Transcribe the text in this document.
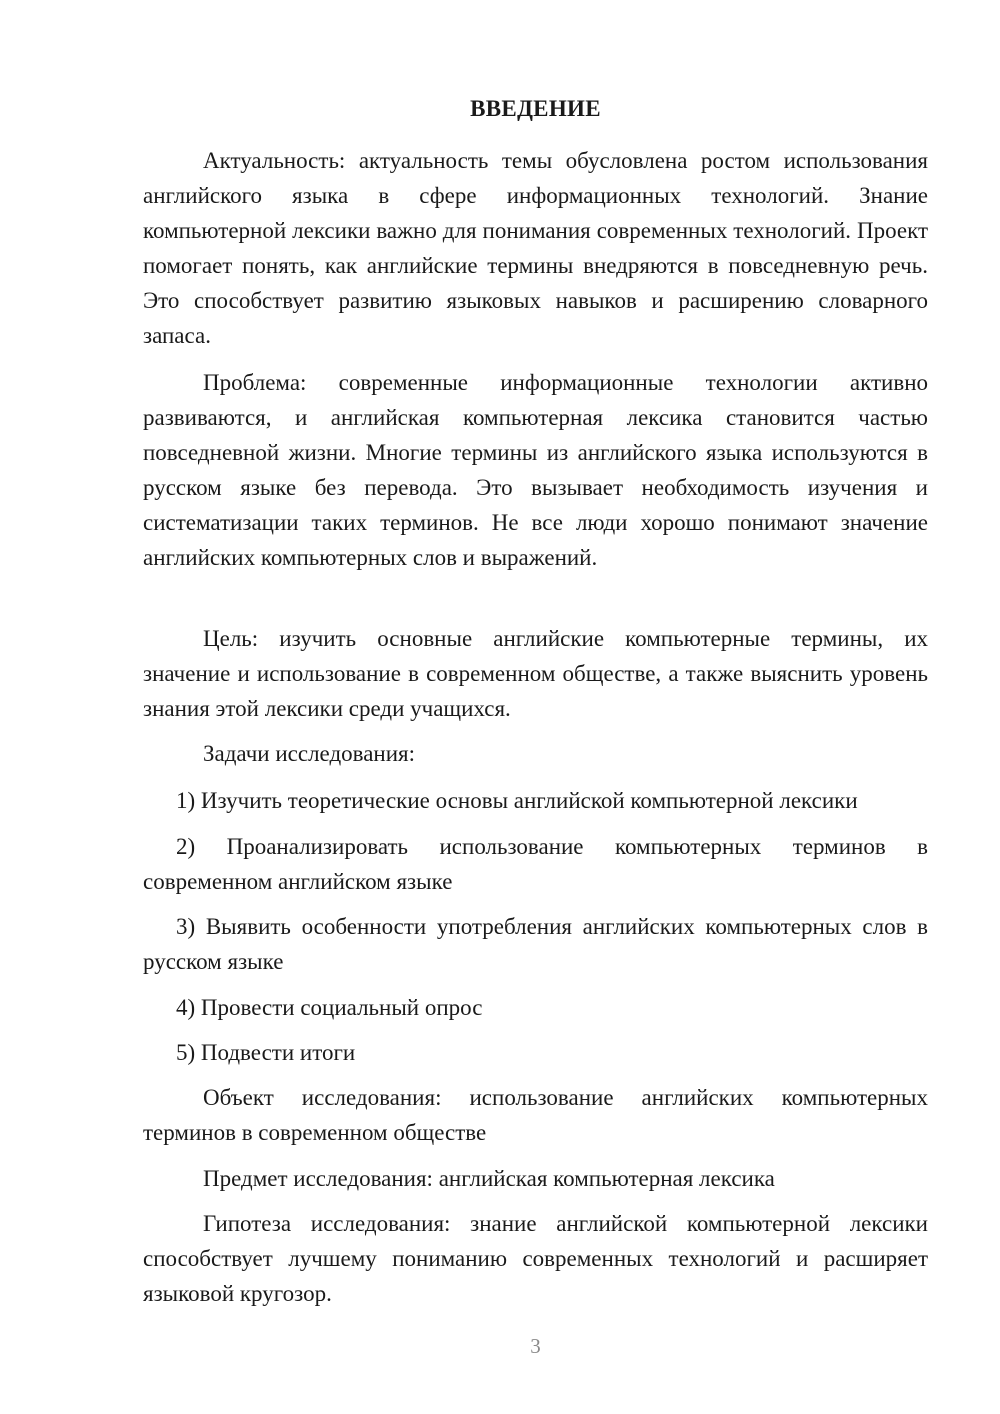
ВВЕДЕНИЕ

Актуальность: актуальность темы обусловлена ростом использования английского языка в сфере информационных технологий. Знание компьютерной лексики важно для понимания современных технологий. Проект помогает понять, как английские термины внедряются в повседневную речь. Это способствует развитию языковых навыков и расширению словарного запаса.

Проблема: современные информационные технологии активно развиваются, и английская компьютерная лексика становится частью повседневной жизни. Многие термины из английского языка используются в русском языке без перевода. Это вызывает необходимость изучения и систематизации таких терминов. Не все люди хорошо понимают значение английских компьютерных слов и выражений.

Цель: изучить основные английские компьютерные термины, их значение и использование в современном обществе, а также выяснить уровень знания этой лексики среди учащихся.

Задачи исследования:

1) Изучить теоретические основы английской компьютерной лексики

2) Проанализировать использование компьютерных терминов в современном английском языке

3) Выявить особенности употребления английских компьютерных слов в русском языке

4) Провести социальный опрос

5) Подвести итоги

Объект исследования: использование английских компьютерных терминов в современном обществе

Предмет исследования: английская компьютерная лексика

Гипотеза исследования: знание английской компьютерной лексики способствует лучшему пониманию современных технологий и расширяет языковой кругозор.

3
